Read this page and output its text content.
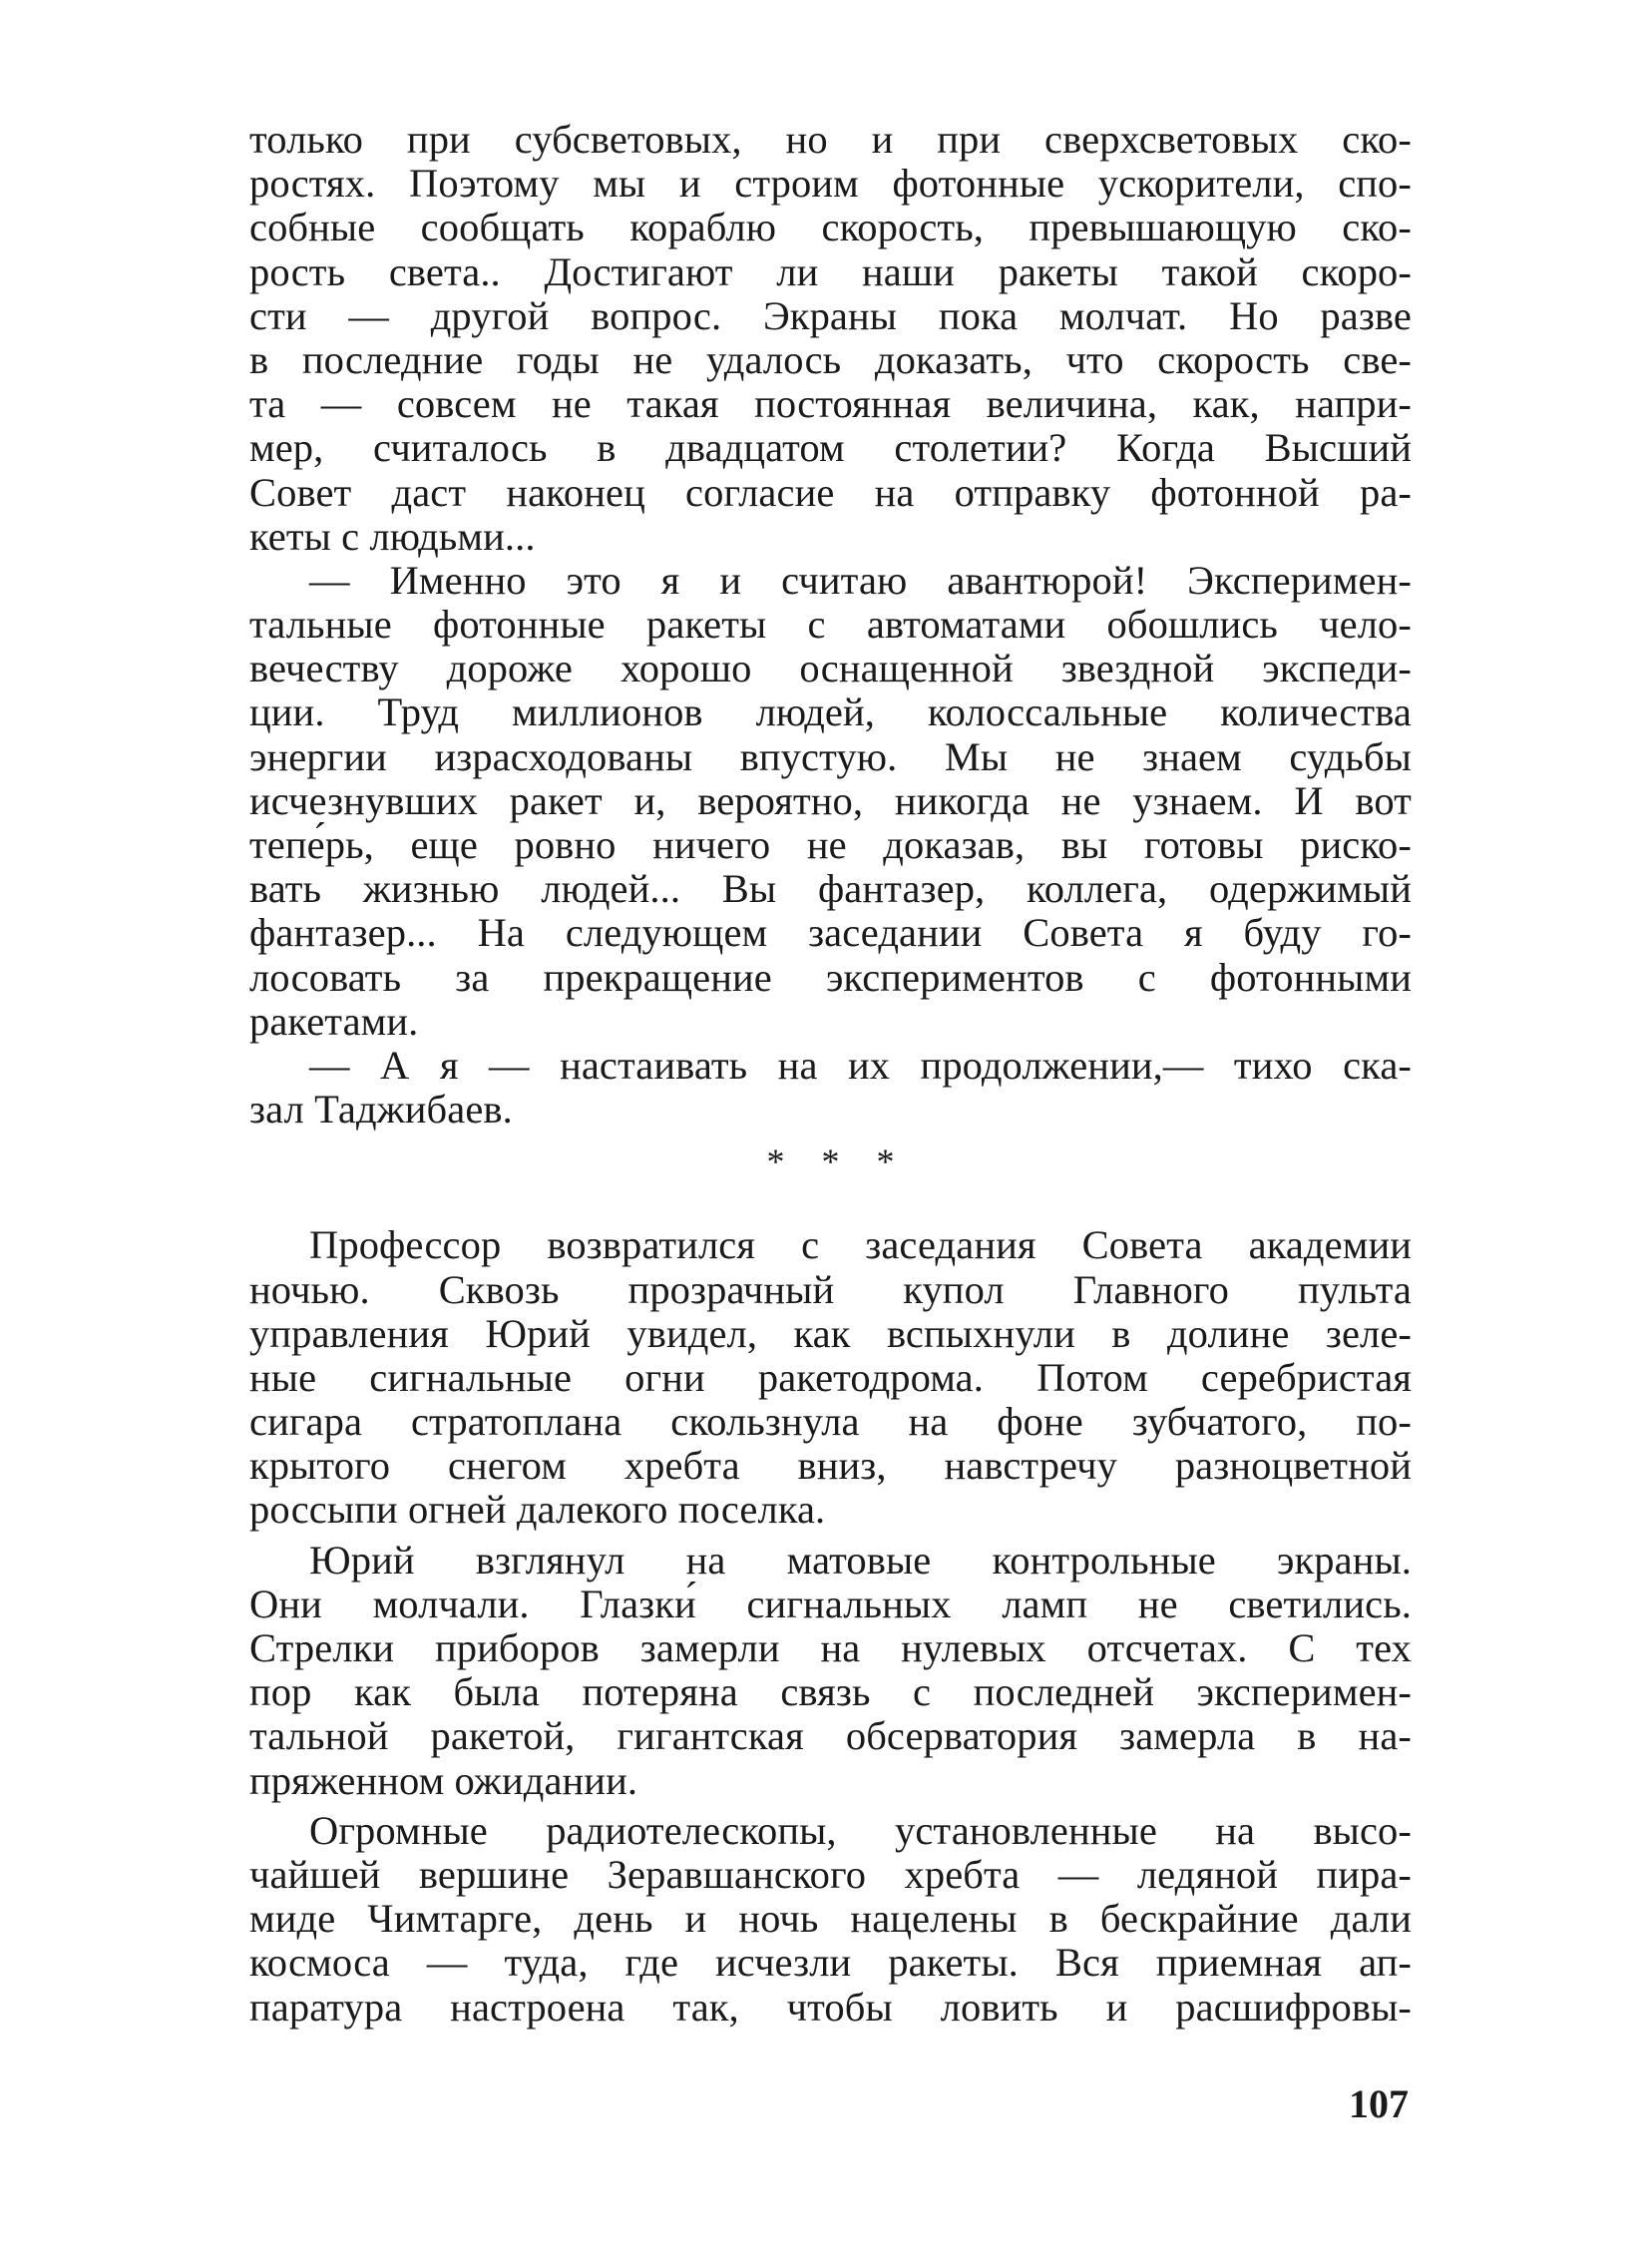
только при субсветовых, но и при сверхсветовых ско-
ростях. Поэтому мы и строим фотонные ускорители, спо-
собные сообщать кораблю скорость, превышающую ско-
рость света.. Достигают ли наши ракеты такой скоро-
сти — другой вопрос. Экраны пока молчат. Но разве
в последние годы не удалось доказать, что скорость све-
та — совсем не такая постоянная величина, как, напри-
мер, считалось в двадцатом столетии? Когда Высший
Совет даст наконец согласие на отправку фотонной ра-
кеты с людьми...
— Именно это я и считаю авантюрой! Эксперимен-
тальные фотонные ракеты с автоматами обошлись чело-
вечеству дороже хорошо оснащенной звездной экспеди-
ции. Труд миллионов людей, колоссальные количества
энергии израсходованы впустую. Мы не знаем судьбы
исчезнувших ракет и, вероятно, никогда не узнаем. И вот
тепе́рь, еще ровно ничего не доказав, вы готовы риско-
вать жизнью людей... Вы фантазер, коллега, одержимый
фантазер... На следующем заседании Совета я буду го-
лосовать за прекращение экспериментов с фотонными
ракетами.
— А я — настаивать на их продолжении,— тихо ска-
зал Таджибаев.
* * *
Профессор возвратился с заседания Совета академии
ночью. Сквозь прозрачный купол Главного пульта
управления Юрий увидел, как вспыхнули в долине зеле-
ные сигнальные огни ракетодрома. Потом серебристая
сигара стратоплана скользнула на фоне зубчатого, по-
крытого снегом хребта вниз, навстречу разноцветной
россыпи огней далекого поселка.
Юрий взглянул на матовые контрольные экраны.
Они молчали. Глазки́ сигнальных ламп не светились.
Стрелки приборов замерли на нулевых отсчетах. С тех
пор как была потеряна связь с последней эксперимен-
тальной ракетой, гигантская обсерватория замерла в на-
пряженном ожидании.
Огромные радиотелескопы, установленные на высо-
чайшей вершине Зеравшанского хребта — ледяной пира-
миде Чимтарге, день и ночь нацелены в бескрайние дали
космоса — туда, где исчезли ракеты. Вся приемная ап-
паратура настроена так, чтобы ловить и расшифровы-
107
